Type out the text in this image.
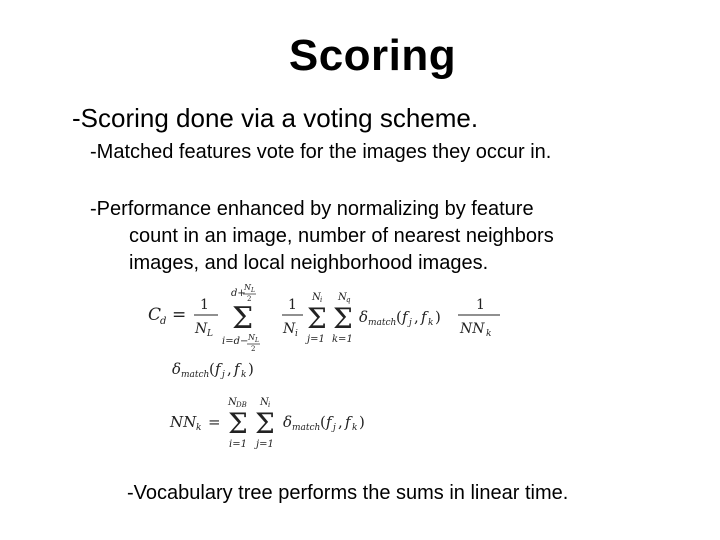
Scoring
-Scoring done via a voting scheme.
-Matched features vote for the images they occur in.
-Performance enhanced by normalizing by feature
count in an image, number of nearest neighbors
images, and local neighborhood images.
C
d = 1
N L
d+
N L
2
Σ
i=d− N L
2
1
N i
N i
Σ
j=1
N q
Σ
k=1
δ match ( f j , f k )
1
NN k
δ match ( f j , f k )
NN k =
N DB
Σ
i=1
N i
Σ
j=1
δ match ( f j , f k )
-Vocabulary tree performs the sums in linear time.
